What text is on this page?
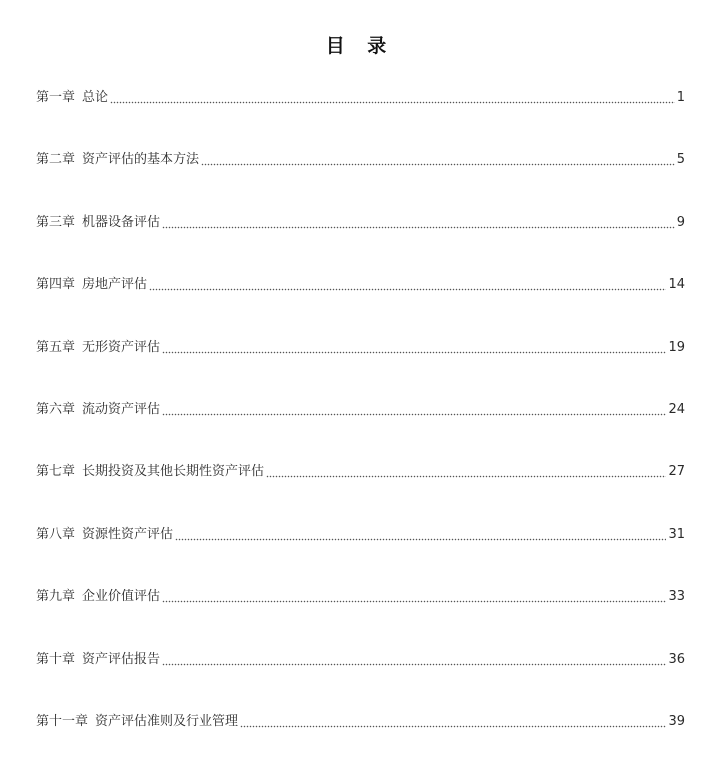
目 录
第一章 总论	1
第二章 资产评估的基本方法	5
第三章 机器设备评估	9
第四章 房地产评估	14
第五章 无形资产评估	19
第六章 流动资产评估	24
第七章 长期投资及其他长期性资产评估	27
第八章 资源性资产评估	31
第九章 企业价值评估	33
第十章 资产评估报告	36
第十一章 资产评估准则及行业管理	39
